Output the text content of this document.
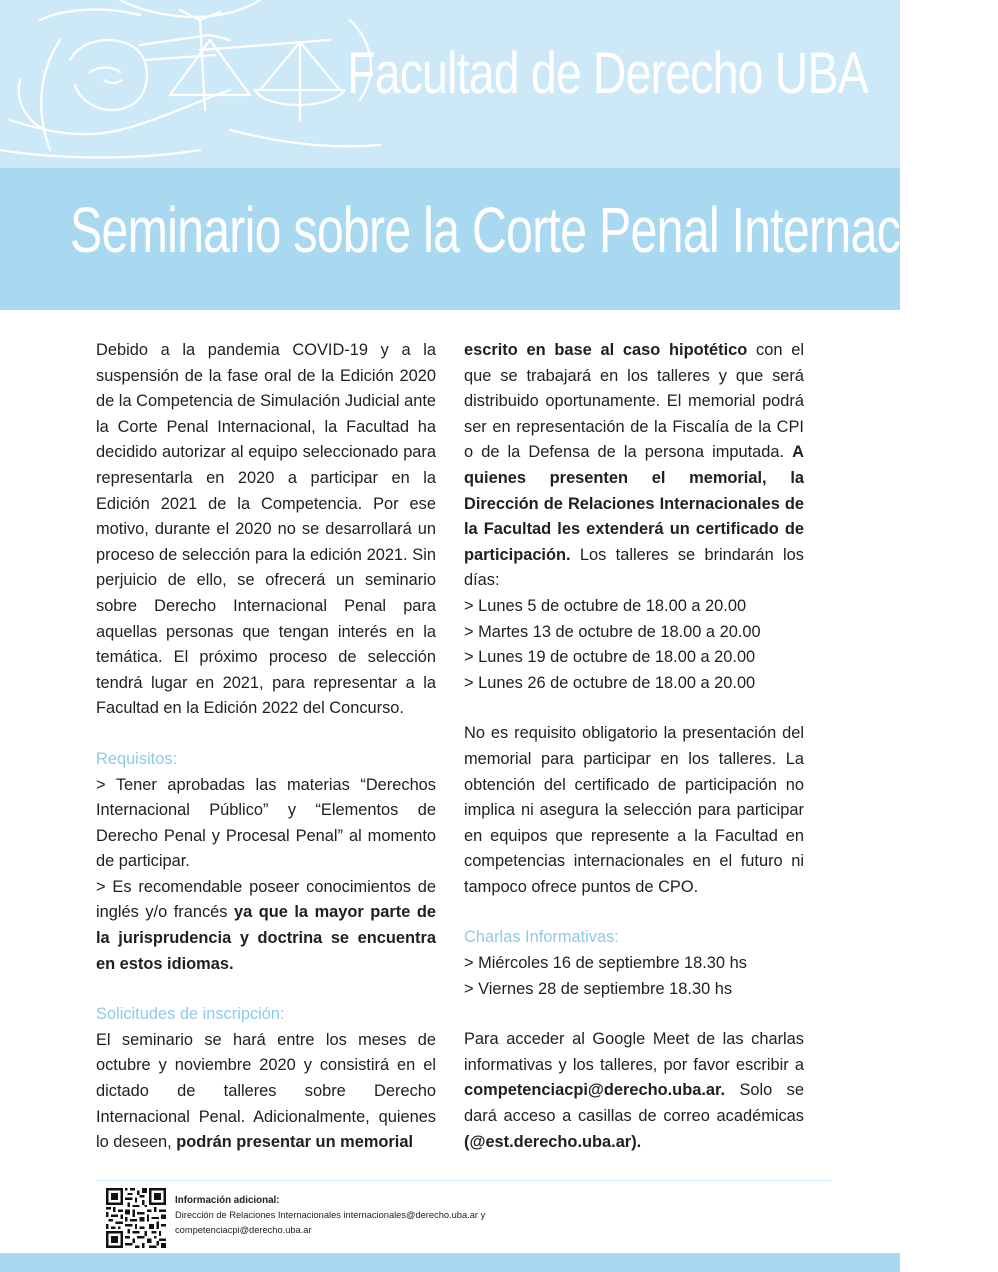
Facultad de Derecho UBA
Seminario sobre la Corte Penal Internacional

Debido a la pandemia COVID-19 y a la suspensión de la fase oral de la Edición 2020 de la Competencia de Simulación Judicial ante la Corte Penal Internacional, la Facultad ha decidido autorizar al equipo seleccionado para representarla en 2020 a participar en la Edición 2021 de la Competencia. Por ese motivo, durante el 2020 no se desarrollará un proceso de selección para la edición 2021. Sin perjuicio de ello, se ofrecerá un seminario sobre Derecho Internacional Penal para aquellas personas que tengan interés en la temática. El próximo proceso de selección tendrá lugar en 2021, para representar a la Facultad en la Edición 2022 del Concurso.

Requisitos:

> Tener aprobadas las materias “Derechos Internacional Público” y “Elementos de Derecho Penal y Procesal Penal” al momento de participar.

> Es recomendable poseer conocimientos de inglés y/o francés ya que la mayor parte de la jurisprudencia y doctrina se encuentra en estos idiomas.

Solicitudes de inscripción:

El seminario se hará entre los meses de octubre y noviembre 2020 y consistirá en el dictado de talleres sobre Derecho Internacional Penal. Adicionalmente, quienes lo deseen, podrán presentar un memorial

escrito en base al caso hipotético con el que se trabajará en los talleres y que será distribuido oportunamente. El memorial podrá ser en representación de la Fiscalía de la CPI o de la Defensa de la persona imputada. A quienes presenten el memorial, la Dirección de Relaciones Internacionales de la Facultad les extenderá un certificado de participación. Los talleres se brindarán los días:

> Lunes 5 de octubre de 18.00 a 20.00

> Martes 13 de octubre de 18.00 a 20.00

> Lunes 19 de octubre de 18.00 a 20.00

> Lunes 26 de octubre de 18.00 a 20.00

No es requisito obligatorio la presentación del memorial para participar en los talleres. La obtención del certificado de participación no implica ni asegura la selección para participar en equipos que represente a la Facultad en competencias internacionales en el futuro ni tampoco ofrece puntos de CPO.

Charlas Informativas:

> Miércoles 16 de septiembre 18.30 hs

> Viernes 28 de septiembre 18.30 hs

Para acceder al Google Meet de las charlas informativas y los talleres, por favor escribir a competenciacpi@derecho.uba.ar. Solo se dará acceso a casillas de correo académicas (@est.derecho.uba.ar).

Información adicional:
Dirección de Relaciones Internacionales internacionales@derecho.uba.ar y
competenciacpi@derecho.uba.ar
